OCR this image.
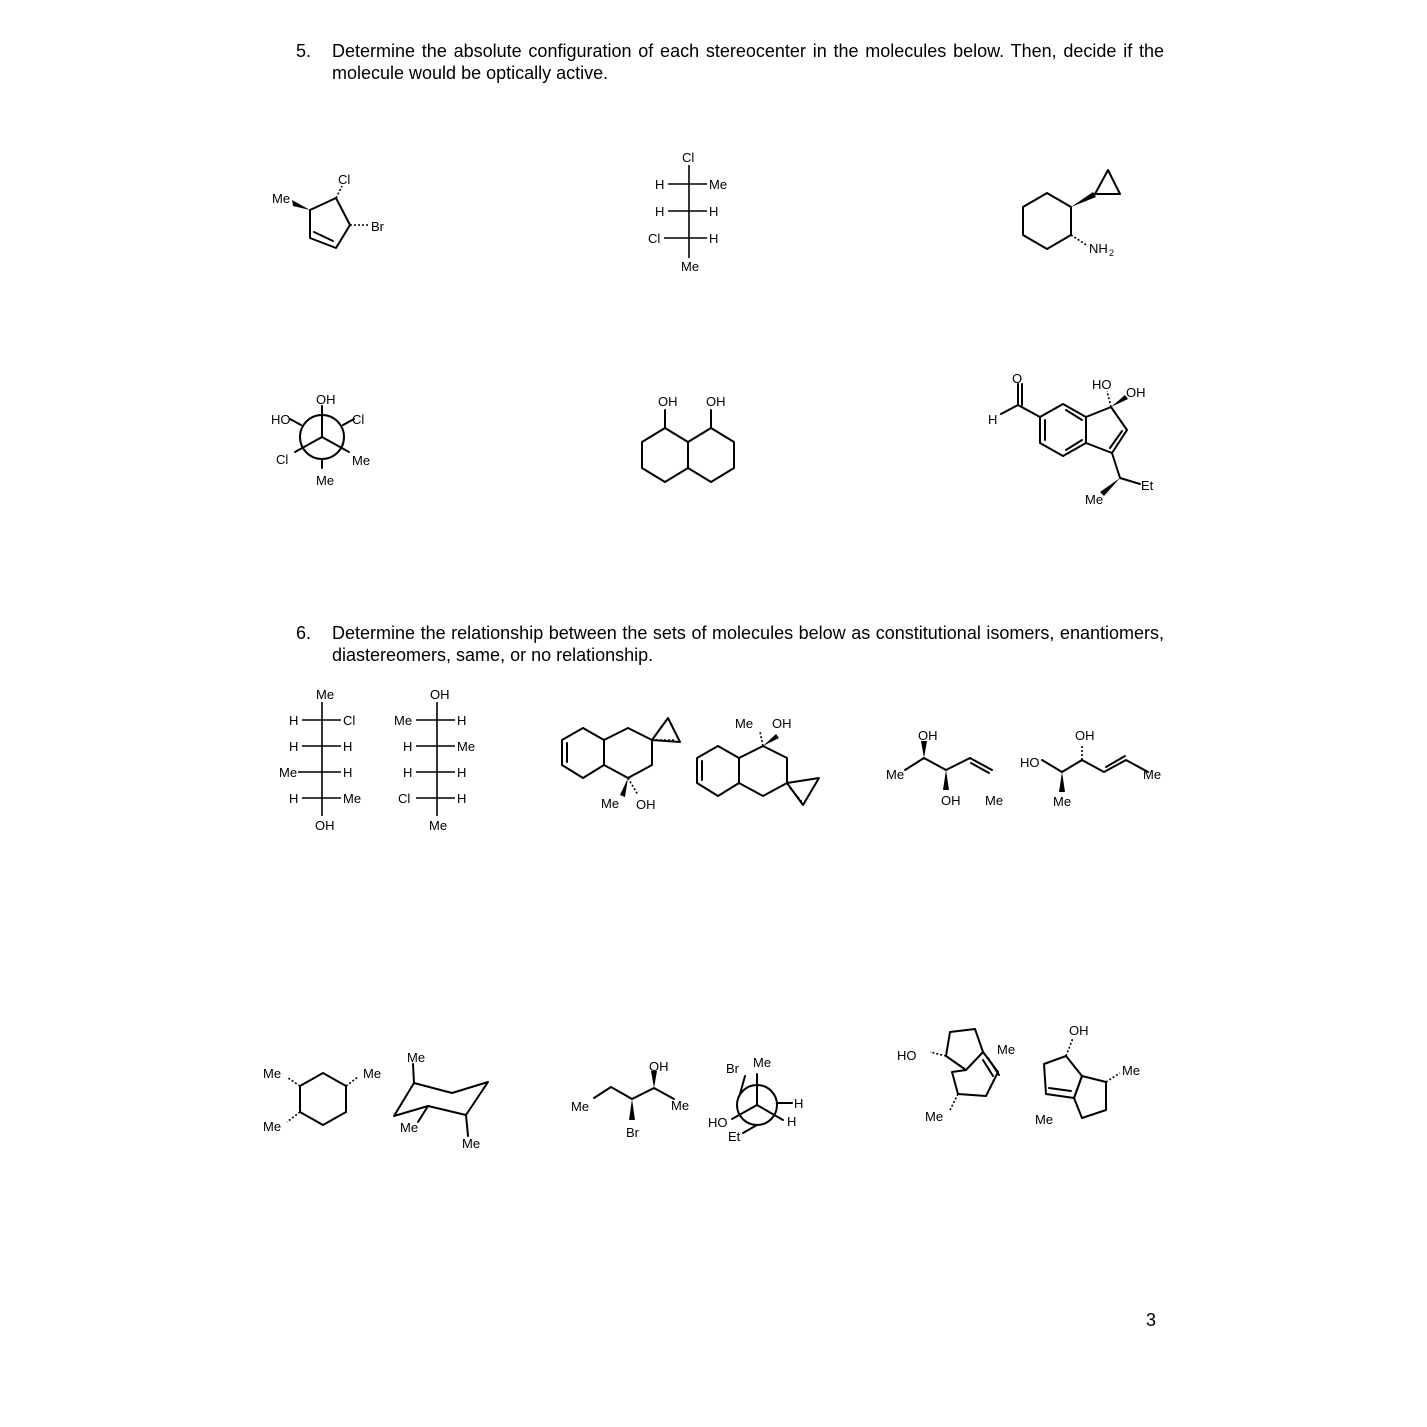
5. Determine the absolute configuration of each stereocenter in the molecules below. Then, decide if the molecule would be optically active.
6. Determine the relationship between the sets of molecules below as constitutional isomers, enantiomers, diastereomers, same, or no relationship.
3
Me
Cl
Br
Cl
H	Me
H	H
Cl	H
Me
NH 2
OH
HO	Cl
Cl	Me
Me
OH OH
O
H
HO
OH
Et
Me
Me
H	Cl
H	H
Me	H
H	Me
OH
OH
Me	H
H	Me
H	H
Cl	H
Me
Me OH
Me OH
OH
Me
OH Me
OH
HO
Me
Me
Me
Me
Me
Me
Me
Me
OH
Me	Me
Br
Br Me
H
HO	H
Et
HO	Me
Me
OH
Me
Me
